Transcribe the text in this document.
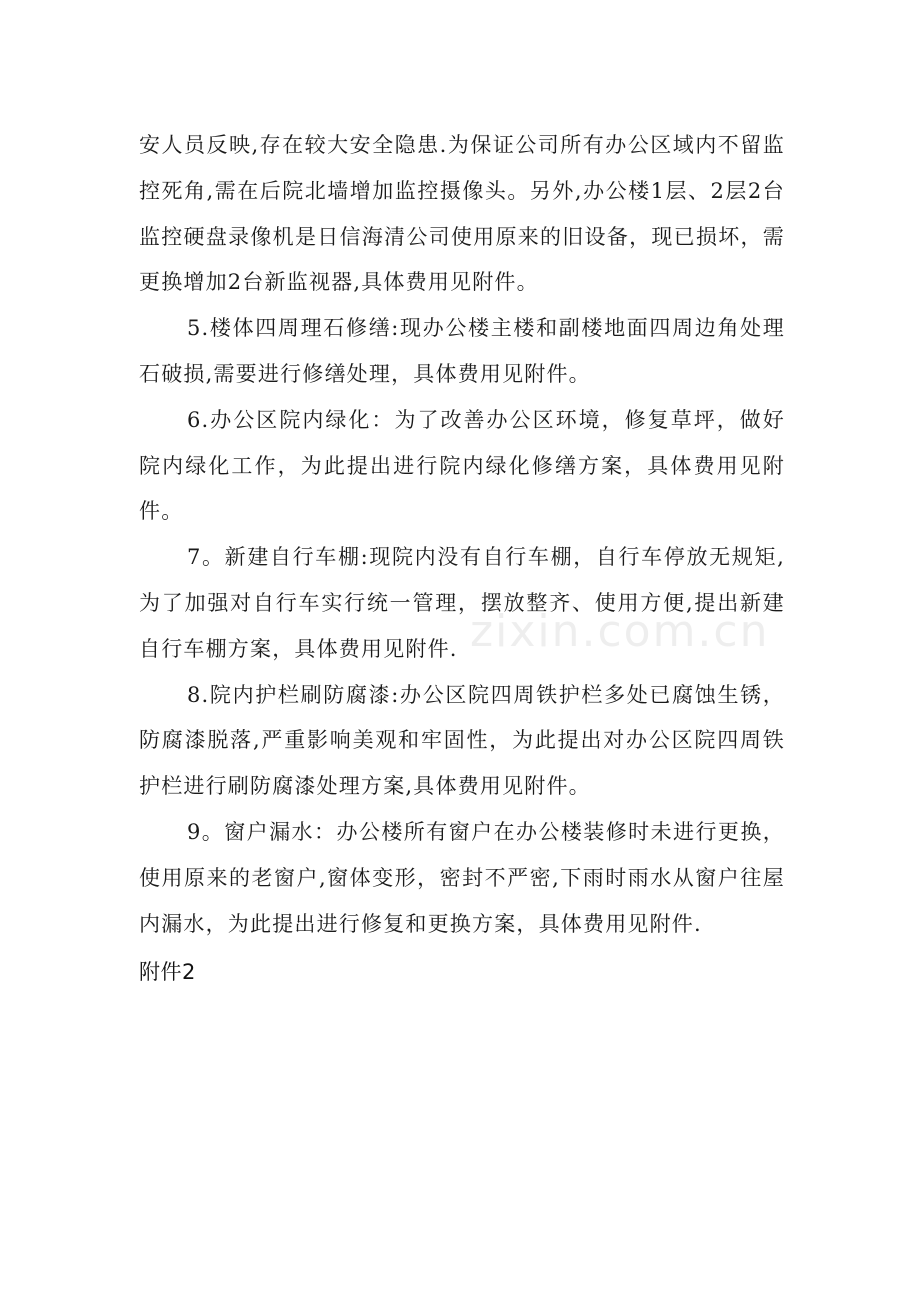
安人员反映,存在较大安全隐患.为保证公司所有办公区域内不留监控死角,需在后院北墙增加监控摄像头。另外,办公楼1层、2层2台监控硬盘录像机是日信海清公司使用原来的旧设备，现已损坏，需更换增加2台新监视器,具体费用见附件。

5.楼体四周理石修缮:现办公楼主楼和副楼地面四周边角处理石破损,需要进行修缮处理，具体费用见附件。

6.办公区院内绿化：为了改善办公区环境，修复草坪，做好院内绿化工作，为此提出进行院内绿化修缮方案，具体费用见附件。

7。新建自行车棚:现院内没有自行车棚，自行车停放无规矩,为了加强对自行车实行统一管理，摆放整齐、使用方便,提出新建自行车棚方案，具体费用见附件.

8.院内护栏刷防腐漆:办公区院四周铁护栏多处已腐蚀生锈，防腐漆脱落,严重影响美观和牢固性，为此提出对办公区院四周铁护栏进行刷防腐漆处理方案,具体费用见附件。

9。窗户漏水：办公楼所有窗户在办公楼装修时未进行更换，使用原来的老窗户,窗体变形，密封不严密,下雨时雨水从窗户往屋内漏水，为此提出进行修复和更换方案，具体费用见附件.

附件2

zixin.com.cn
